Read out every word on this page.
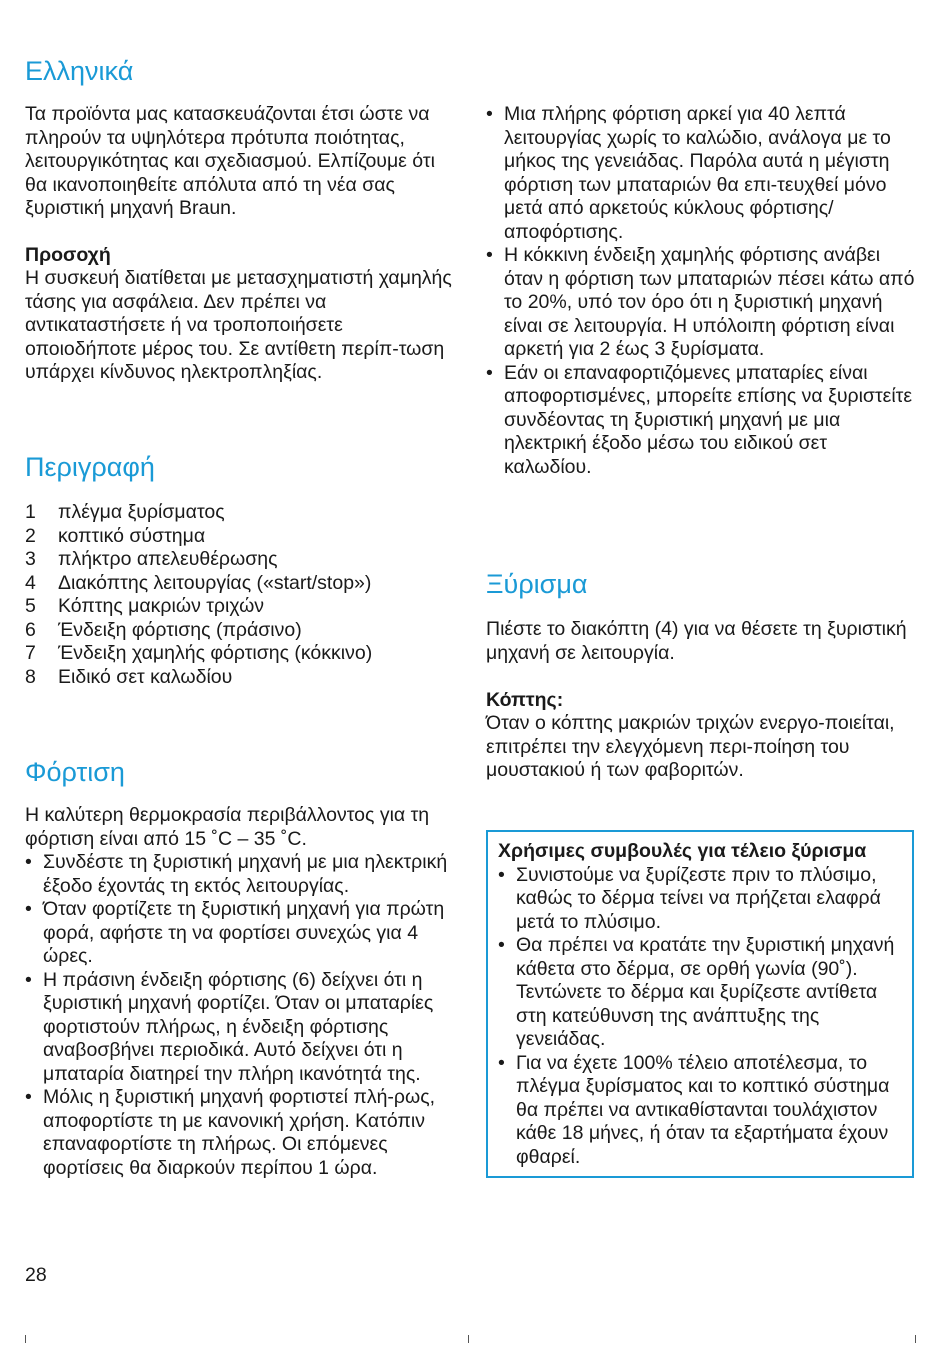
Ελληνικά

Τα προϊόντα μας κατασκευάζονται έτσι ώστε να πληρούν τα υψηλότερα πρότυπα ποιότητας, λειτουργικότητας και σχεδιασμού. Ελπίζουμε ότι θα ικανοποιηθείτε απόλυτα από τη νέα σας ξυριστική μηχανή Braun.

Προσοχή

Η συσκευή διατίθεται με μετασχηματιστή χαμηλής τάσης για ασφάλεια. Δεν πρέπει να αντικαταστήσετε ή να τροποποιήσετε οποιοδήποτε μέρος του. Σε αντίθετη περίπ-τωση υπάρχει κίνδυνος ηλεκτροπληξίας.

Περιγραφή
1	πλέγμα ξυρίσματος
2	κοπτικό σύστημα
3	πλήκτρο απελευθέρωσης
4	Διακόπτης λειτουργίας («start/stop»)
5	Κόπτης μακριών τριχών
6	Ένδειξη φόρτισης (πράσινο)
7	Ένδειξη χαμηλής φόρτισης (κόκκινο)
8	Ειδικό σετ καλωδίου
Φόρτιση

Η καλύτερη θερμοκρασία περιβάλλοντος για τη φόρτιση είναι από 15 ˚C – 35 ˚C.

• Συνδέστε τη ξυριστική μηχανή με μια ηλεκτρική έξοδο έχοντάς τη εκτός λειτουργίας.
• Όταν φορτίζετε τη ξυριστική μηχανή για πρώτη φορά, αφήστε τη να φορτίσει συνεχώς για 4 ώρες.
• Η πράσινη ένδειξη φόρτισης (6) δείχνει ότι η ξυριστική μηχανή φορτίζει. Όταν οι μπαταρίες φορτιστούν πλήρως, η ένδειξη φόρτισης αναβοσβήνει περιοδικά. Αυτό δείχνει ότι η μπαταρία διατηρεί την πλήρη ικανότητά της.
• Μόλις η ξυριστική μηχανή φορτιστεί πλή-ρως, αποφορτίστε τη με κανονική χρήση. Κατόπιν επαναφορτίστε τη πλήρως. Οι επόμενες φορτίσεις θα διαρκούν περίπου 1 ώρα.
• Μια πλήρης φόρτιση αρκεί για 40 λεπτά λειτουργίας χωρίς το καλώδιο, ανάλογα με το μήκος της γενειάδας. Παρόλα αυτά η μέγιστη φόρτιση των μπαταριών θα επι-τευχθεί μόνο μετά από αρκετούς κύκλους φόρτισης/αποφόρτισης.
• Η κόκκινη ένδειξη χαμηλής φόρτισης ανάβει όταν η φόρτιση των μπαταριών πέσει κάτω από το 20%, υπό τον όρο ότι η ξυριστική μηχανή είναι σε λειτουργία. Η υπόλοιπη φόρτιση είναι αρκετή για 2 έως 3 ξυρίσματα.
• Εάν οι επαναφορτιζόμενες μπαταρίες είναι αποφορτισμένες, μπορείτε επίσης να ξυριστείτε συνδέοντας τη ξυριστική μηχανή με μια ηλεκτρική έξοδο μέσω του ειδικού σετ καλωδίου.
Ξύρισμα

Πιέστε το διακόπτη (4) για να θέσετε τη ξυριστική μηχανή σε λειτουργία.

Κόπτης:

Όταν ο κόπτης μακριών τριχών ενεργο-ποιείται, επιτρέπει την ελεγχόμενη περι-ποίηση του μουστακιού ή των φαβοριτών.

Χρήσιμες συμβουλές για τέλειο ξύρισμα

• Συνιστούμε να ξυρίζεστε πριν το πλύσιμο, καθώς το δέρμα τείνει να πρήζεται ελαφρά μετά το πλύσιμο.
• Θα πρέπει να κρατάτε την ξυριστική μηχανή κάθετα στο δέρμα, σε ορθή γωνία (90˚). Τεντώνετε το δέρμα και ξυρίζεστε αντίθετα στη κατεύθυνση της ανάπτυξης της γενειάδας.
• Για να έχετε 100% τέλειο αποτέλεσμα, το πλέγμα ξυρίσματος και το κοπτικό σύστημα θα πρέπει να αντικαθίστανται τουλάχιστον κάθε 18 μήνες, ή όταν τα εξαρτήματα έχουν φθαρεί.
28
